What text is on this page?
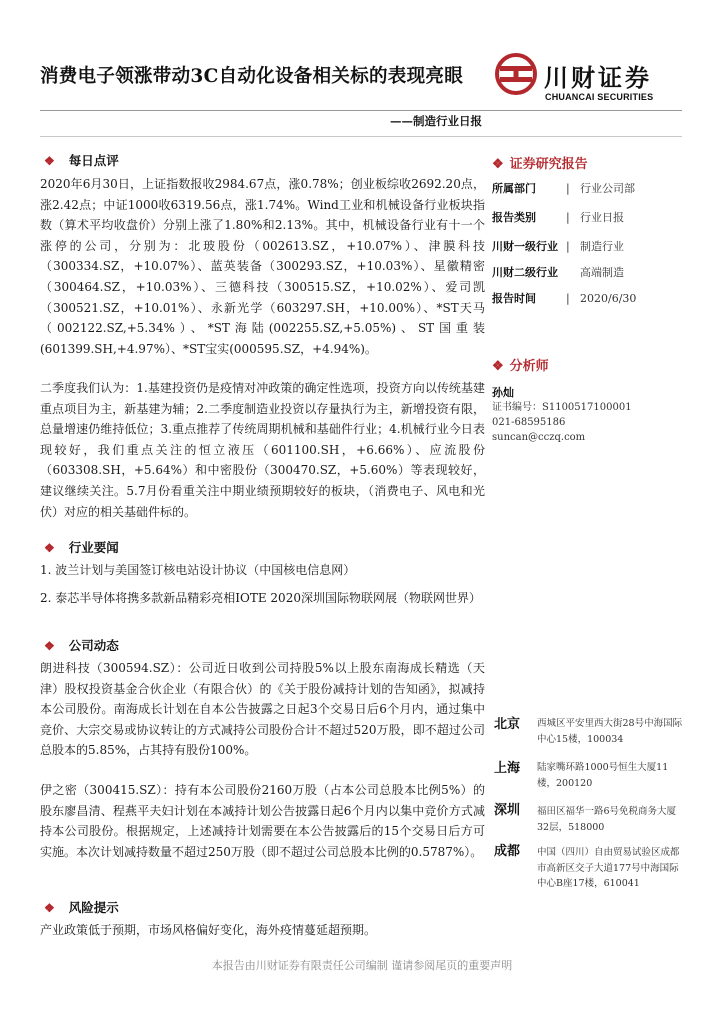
消费电子领涨带动3C自动化设备相关标的表现亮眼	川财证券
CHUANCAI SECURITIES
——制造行业日报
❖ 每日点评

2020年6月30日，上证指数报收2984.67点，涨0.78%；创业板综收2692.20点，涨2.42点；中证1000收6319.56点，涨1.74%。Wind工业和机械设备行业板块指数（算术平均收盘价）分别上涨了1.80%和2.13%。其中，机械设备行业有十一个涨停的公司，分别为：北玻股份（002613.SZ，+10.07%）、津膜科技（300334.SZ，+10.07%）、蓝英装备（300293.SZ，+10.03%）、星徽精密（300464.SZ，+10.03%）、三德科技（300515.SZ，+10.02%）、爱司凯（300521.SZ，+10.01%）、永新光学（603297.SH，+10.00%）、*ST天马（002122.SZ,+5.34%）、*ST海陆(002255.SZ,+5.05%)、ST国重装(601399.SH,+4.97%）、*ST宝实(000595.SZ，+4.94%)。

二季度我们认为：1.基建投资仍是疫情对冲政策的确定性选项，投资方向以传统基建重点项目为主，新基建为辅；2.二季度制造业投资以存量执行为主，新增投资有限，总量增速仍维持低位；3.重点推荐了传统周期机械和基础件行业；4.机械行业今日表现较好，我们重点关注的恒立液压（601100.SH，+6.66%）、应流股份（603308.SH，+5.64%）和中密股份（300470.SZ，+5.60%）等表现较好，建议继续关注。5.7月份看重关注中期业绩预期较好的板块，（消费电子、风电和光伏）对应的相关基础件标的。

❖ 行业要闻

1. 波兰计划与美国签订核电站设计协议（中国核电信息网）

2. 泰芯半导体将携多款新品精彩亮相IOTE 2020深圳国际物联网展（物联网世界）

❖ 公司动态

朗进科技（300594.SZ）：公司近日收到公司持股5%以上股东南海成长精选（天津）股权投资基金合伙企业（有限合伙）的《关于股份减持计划的告知函》，拟减持本公司股份。南海成长计划在自本公告披露之日起3个交易日后6个月内，通过集中竞价、大宗交易或协议转让的方式减持公司股份合计不超过520万股，即不超过公司总股本的5.85%，占其持有股份100%。

伊之密（300415.SZ）：持有本公司股份2160万股（占本公司总股本比例5%）的股东廖昌清、程燕平夫妇计划在本减持计划公告披露日起6个月内以集中竞价方式减持本公司股份。根据规定，上述减持计划需要在本公告披露后的15个交易日后方可实施。本次计划减持数量不超过250万股（即不超过公司总股本比例的0.5787%）。

❖ 风险提示

产业政策低于预期，市场风格偏好变化，海外疫情蔓延超预期。

❖ 证券研究报告
所属部门	| 行业公司部
报告类别	| 行业日报
川财一级行业 | 制造行业
川财二级行业 高端制造
报告时间	| 2020/6/30
❖ 分析师
孙灿
证书编号：S1100517100001
021-68595186
suncan@cczq.com
北京 西城区平安里西大街28号中海国际中心15楼，100034
上海 陆家嘴环路1000号恒生大厦11楼，200120
深圳 福田区福华一路6号免税商务大厦32层，518000
成都 中国（四川）自由贸易试验区成都市高新区交子大道177号中海国际中心B座17楼，610041
本报告由川财证券有限责任公司编制 谨请参阅尾页的重要声明
